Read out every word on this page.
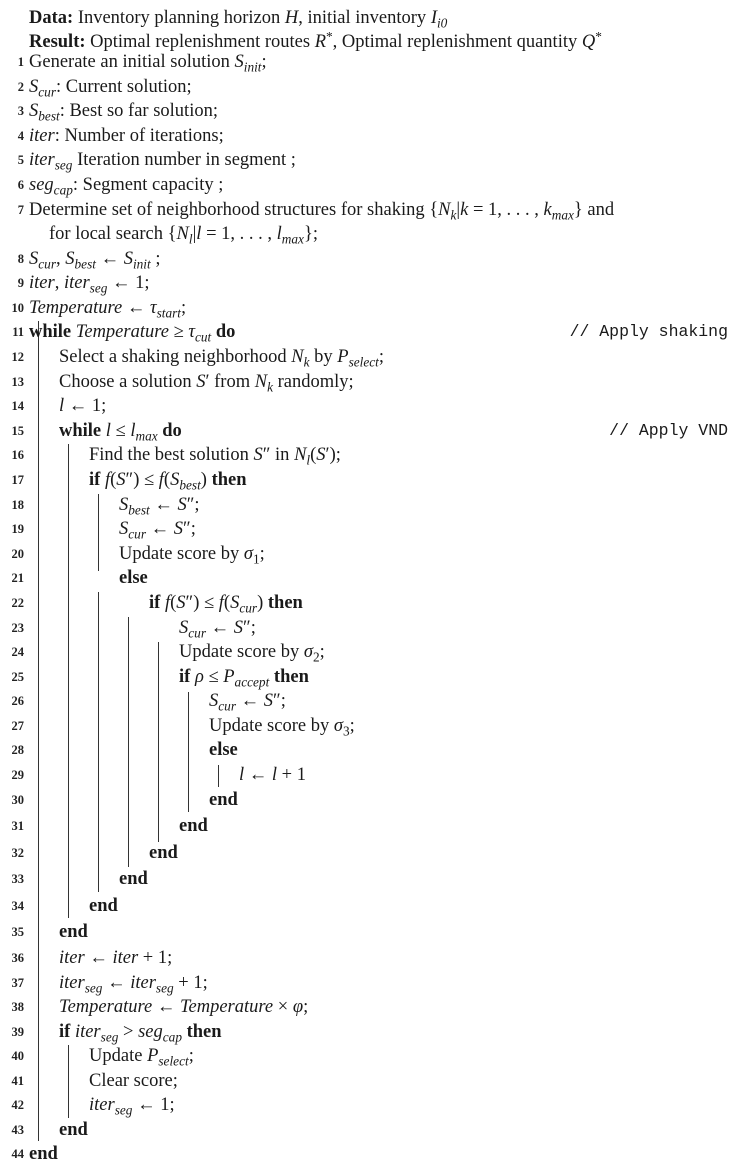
Data: Inventory planning horizon H, initial inventory $I_{i0}$
Result: Optimal replenishment routes R*, Optimal replenishment quantity Q*
1 Generate an initial solution $S_{init}$;
2 $S_{cur}$: Current solution;
3 $S_{best}$: Best so far solution;
4 iter: Number of iterations;
5 iter$_{seg}$ Iteration number in segment ;
6 seg$_{cap}$: Segment capacity ;
7 Determine set of neighborhood structures for shaking {$N_k|k = 1$, . . . , $k_{max}$} and
for local search {$N_l|l = 1$, . . . , $l_{max}$};
8 $S_{cur}$, $S_{best}$ ← $S_{init}$ ;
9 iter, iter$_{seg}$ ← 1;
10 Temperature ← $\tau_{start}$;
11 while Temperature ≥ $\tau_{cut}$ do	// Apply shaking
12 Select a shaking neighborhood $N_k$ by $P_{select}$;
13 Choose a solution S′ from $N_k$ randomly;
14 l ← 1;
15 while $l \le l_{max}$ do	// Apply VND
16	Find the best solution S″ in $N_l(S')$;
17	if $f(S'') \le f(S_{best})$ then
18	$S_{best}$ ← S″;
19	$S_{cur}$ ← S″;
20	Update score by $\sigma_1$;
21	else
22	if $f(S'') \le f(S_{cur})$ then
23	$S_{cur}$ ← S″;
24	Update score by $\sigma_2$;
25	if $\rho \le P_{accept}$ then
26	$S_{cur}$ ← S″;
27	Update score by $\sigma_3$;
28	else
29	l ← l + 1
30	end
31	end
32	end
33	end
34	end
35 end
36 iter ← iter + 1;
37 iter$_{seg}$ ← iter$_{seg}$ + 1;
38 Temperature ← Temperature × φ;
39 if iter$_{seg}$ > seg$_{cap}$ then
40	Update $P_{select}$;
41	Clear score;
42	iter$_{seg}$ ← 1;
43 end
44 end
